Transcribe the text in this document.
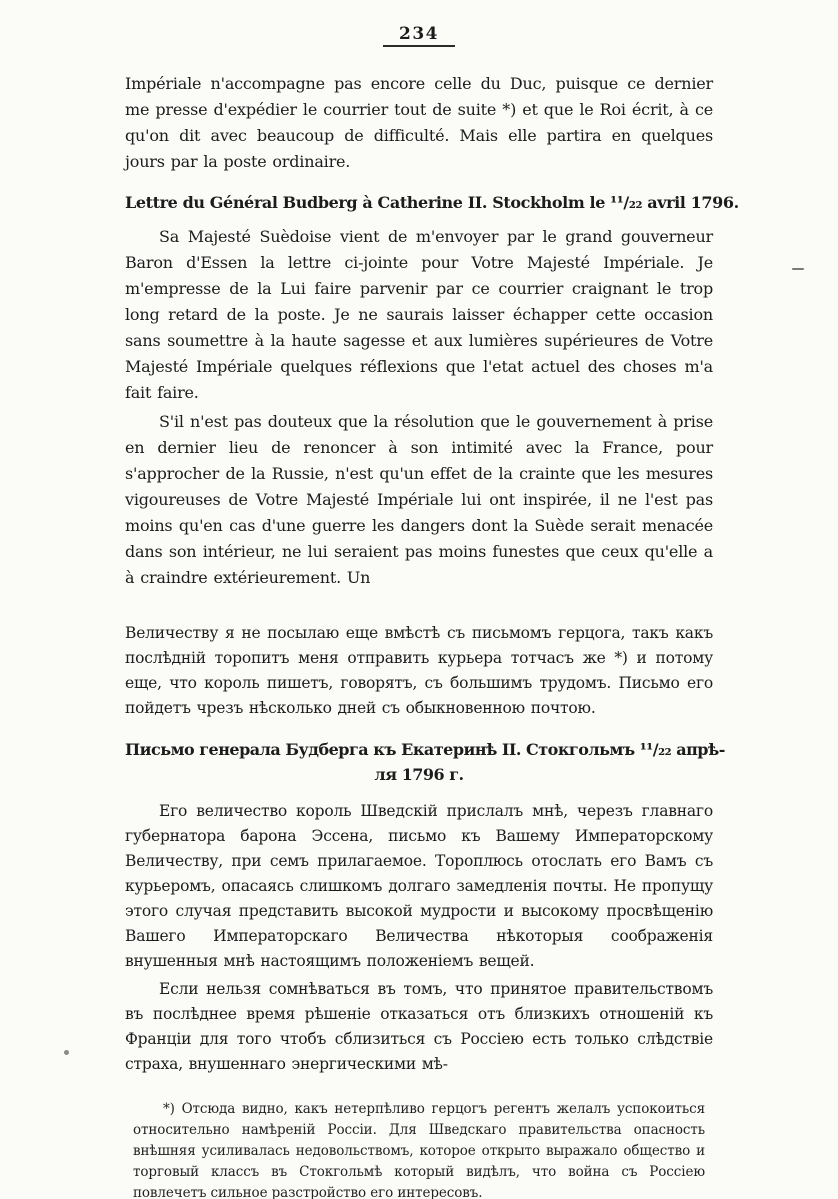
234

Impériale n'accompagne pas encore celle du Duc, puisque ce dernier me presse d'expédier le courrier tout de suite *) et que le Roi écrit, à ce qu'on dit avec beaucoup de difficulté. Mais elle partira en quelques jours par la poste ordinaire.

Lettre du Général Budberg à Catherine II. Stockholm le ¹¹/₂₂ avril 1796.

Sa Majesté Suèdoise vient de m'envoyer par le grand gouverneur Baron d'Essen la lettre ci-jointe pour Votre Majesté Impériale. Je m'empresse de la Lui faire parvenir par ce courrier craignant le trop long retard de la poste. Je ne saurais laisser échapper cette occasion sans soumettre à la haute sagesse et aux lumières supérieures de Votre Majesté Impériale quelques réflexions que l'etat actuel des choses m'a fait faire.

S'il n'est pas douteux que la résolution que le gouvernement à prise en dernier lieu de renoncer à son intimité avec la France, pour s'approcher de la Russie, n'est qu'un effet de la crainte que les mesures vigoureuses de Votre Majesté Impériale lui ont inspirée, il ne l'est pas moins qu'en cas d'une guerre les dangers dont la Suède serait menacée dans son intérieur, ne lui seraient pas moins funestes que ceux qu'elle a à craindre extérieurement. Un

Величеству я не посылаю еще вмѣстѣ съ письмомъ герцога, такъ какъ послѣдній торопитъ меня отправить курьера тотчасъ же *) и потому еще, что король пишетъ, говорятъ, съ большимъ трудомъ. Письмо его пойдетъ чрезъ нѣсколько дней съ обыкновенною почтою.

Письмо генерала Будберга къ Екатеринѣ II. Стокгольмъ ¹¹/₂₂ апрѣ-
ля 1796 г.

Его величество король Шведскій прислалъ мнѣ, черезъ главнаго губернатора барона Эссена, письмо къ Вашему Императорскому Величеству, при семъ прилагаемое. Тороплюсь отослать его Вамъ съ курьеромъ, опасаясь слишкомъ долгаго замедленія почты. Не пропущу этого случая представить высокой мудрости и высокому просвѣщенію Вашего Императорскаго Величества нѣкоторыя соображенія внушенныя мнѣ настоящимъ положеніемъ вещей.

Если нельзя сомнѣваться въ томъ, что принятое правительствомъ въ послѣднее время рѣшеніе отказаться отъ близкихъ отношеній къ Франціи для того чтобъ сблизиться съ Россіею есть только слѣдствіе страха, внушеннаго энергическими мѣ-

*) Отсюда видно, какъ нетерпѣливо герцогъ регентъ желалъ успокоиться относительно намѣреній Россіи. Для Шведскаго правительства опасность внѣшняя усиливалась недовольствомъ, которое открыто выражало общество и торговый классъ въ Стокгольмѣ который видѣлъ, что война съ Россіею повлечетъ сильное разстройство его интересовъ.
